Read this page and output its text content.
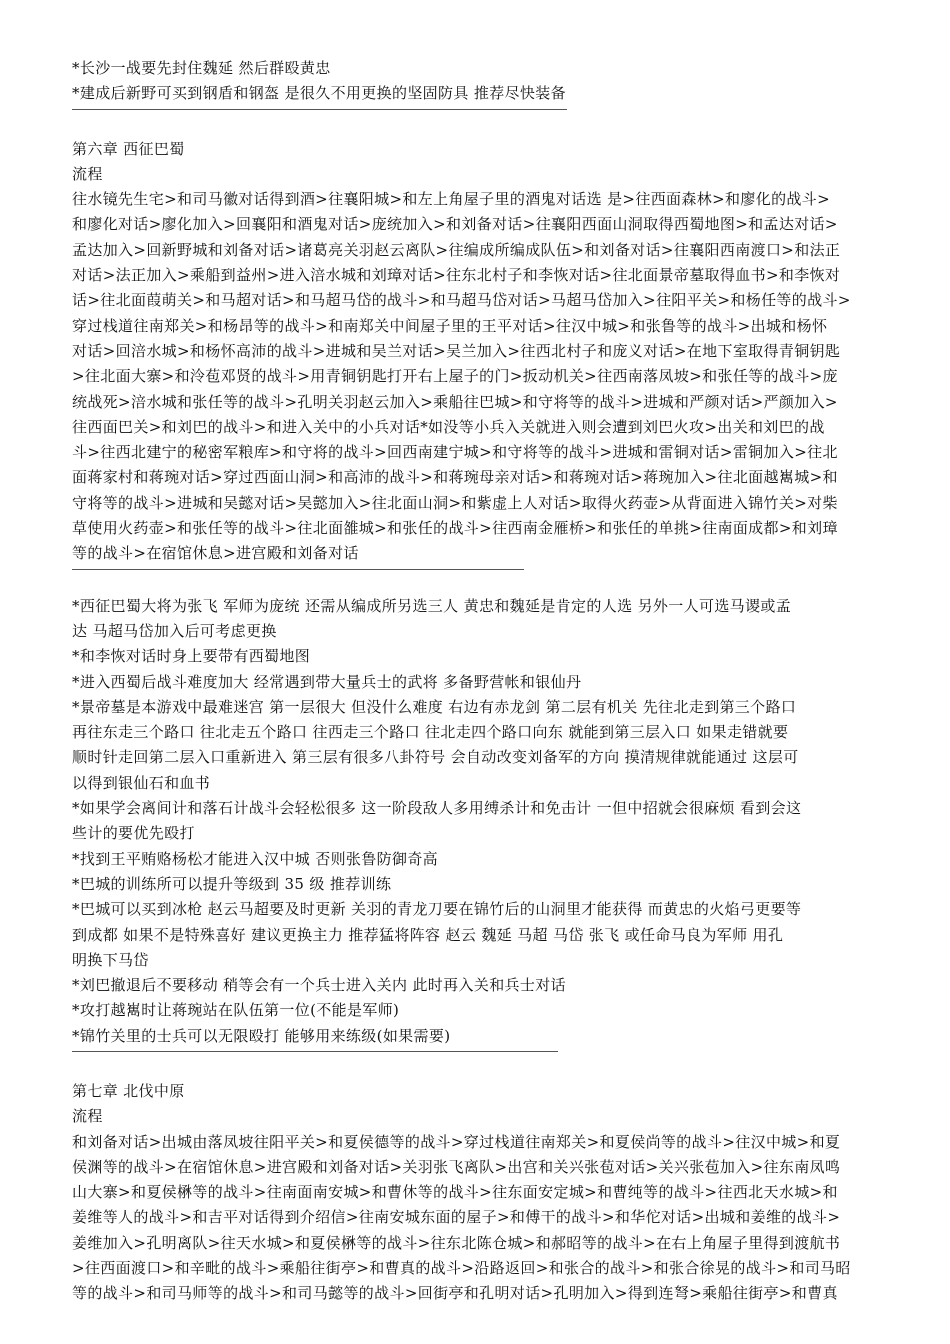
*长沙一战要先封住魏延 然后群殴黄忠
*建成后新野可买到钢盾和钢盔 是很久不用更换的坚固防具 推荐尽快装备
第六章 西征巴蜀
流程
往水镜先生宅>和司马徽对话得到酒>往襄阳城>和左上角屋子里的酒鬼对话选 是>往西面森林>和廖化的战斗>
和廖化对话>廖化加入>回襄阳和酒鬼对话>庞统加入>和刘备对话>往襄阳西面山洞取得西蜀地图>和孟达对话>
孟达加入>回新野城和刘备对话>诸葛亮关羽赵云离队>往编成所编成队伍>和刘备对话>往襄阳西南渡口>和法正
对话>法正加入>乘船到益州>进入涪水城和刘璋对话>往东北村子和李恢对话>往北面景帝墓取得血书>和李恢对
话>往北面葭萌关>和马超对话>和马超马岱的战斗>和马超马岱对话>马超马岱加入>往阳平关>和杨任等的战斗>
穿过栈道往南郑关>和杨昂等的战斗>和南郑关中间屋子里的王平对话>往汉中城>和张鲁等的战斗>出城和杨怀
对话>回涪水城>和杨怀高沛的战斗>进城和吴兰对话>吴兰加入>往西北村子和庞义对话>在地下室取得青铜钥匙
>往北面大寨>和泠苞邓贤的战斗>用青铜钥匙打开右上屋子的门>扳动机关>往西南落凤坡>和张任等的战斗>庞
统战死>涪水城和张任等的战斗>孔明关羽赵云加入>乘船往巴城>和守将等的战斗>进城和严颜对话>严颜加入>
往西面巴关>和刘巴的战斗>和进入关中的小兵对话*如没等小兵入关就进入则会遭到刘巴火攻>出关和刘巴的战
斗>往西北建宁的秘密军粮库>和守将的战斗>回西南建宁城>和守将等的战斗>进城和雷铜对话>雷铜加入>往北
面蒋家村和蒋琬对话>穿过西面山洞>和高沛的战斗>和蒋琬母亲对话>和蒋琬对话>蒋琬加入>往北面越嶲城>和
守将等的战斗>进城和吴懿对话>吴懿加入>往北面山洞>和紫虚上人对话>取得火药壶>从背面进入锦竹关>对柴
草使用火药壶>和张任等的战斗>往北面雒城>和张任的战斗>往西南金雁桥>和张任的单挑>往南面成都>和刘璋
等的战斗>在宿馆休息>进宫殿和刘备对话
*西征巴蜀大将为张飞 军师为庞统 还需从编成所另选三人 黄忠和魏延是肯定的人选 另外一人可选马谡或孟
达 马超马岱加入后可考虑更换
*和李恢对话时身上要带有西蜀地图
*进入西蜀后战斗难度加大 经常遇到带大量兵士的武将 多备野营帐和银仙丹
*景帝墓是本游戏中最难迷宫 第一层很大 但没什么难度 右边有赤龙剑 第二层有机关 先往北走到第三个路口
再往东走三个路口 往北走五个路口 往西走三个路口 往北走四个路口向东 就能到第三层入口 如果走错就要
顺时针走回第二层入口重新进入 第三层有很多八卦符号 会自动改变刘备军的方向 摸清规律就能通过 这层可
以得到银仙石和血书
*如果学会离间计和落石计战斗会轻松很多 这一阶段敌人多用缚杀计和免击计 一但中招就会很麻烦 看到会这
些计的要优先殴打
*找到王平贿赂杨松才能进入汉中城 否则张鲁防御奇高
*巴城的训练所可以提升等级到 35 级 推荐训练
*巴城可以买到冰枪 赵云马超要及时更新 关羽的青龙刀要在锦竹后的山洞里才能获得 而黄忠的火焰弓更要等
到成都 如果不是特殊喜好 建议更换主力 推荐猛将阵容 赵云 魏延 马超 马岱 张飞 或任命马良为军师 用孔
明换下马岱
*刘巴撤退后不要移动 稍等会有一个兵士进入关内 此时再入关和兵士对话
*攻打越嶲时让蒋琬站在队伍第一位(不能是军师)
*锦竹关里的士兵可以无限殴打 能够用来练级(如果需要)
第七章 北伐中原
流程
和刘备对话>出城由落凤坡往阳平关>和夏侯德等的战斗>穿过栈道往南郑关>和夏侯尚等的战斗>往汉中城>和夏
侯渊等的战斗>在宿馆休息>进宫殿和刘备对话>关羽张飞离队>出宫和关兴张苞对话>关兴张苞加入>往东南凤鸣
山大寨>和夏侯楙等的战斗>往南面南安城>和曹休等的战斗>往东面安定城>和曹纯等的战斗>往西北天水城>和
姜维等人的战斗>和吉平对话得到介绍信>往南安城东面的屋子>和傅干的战斗>和华佗对话>出城和姜维的战斗>
姜维加入>孔明离队>往天水城>和夏侯楙等的战斗>往东北陈仓城>和郝昭等的战斗>在右上角屋子里得到渡航书
>往西面渡口>和辛毗的战斗>乘船往街亭>和曹真的战斗>沿路返回>和张合的战斗>和张合徐晃的战斗>和司马昭
等的战斗>和司马师等的战斗>和司马懿等的战斗>回街亭和孔明对话>孔明加入>得到连弩>乘船往街亭>和曹真
